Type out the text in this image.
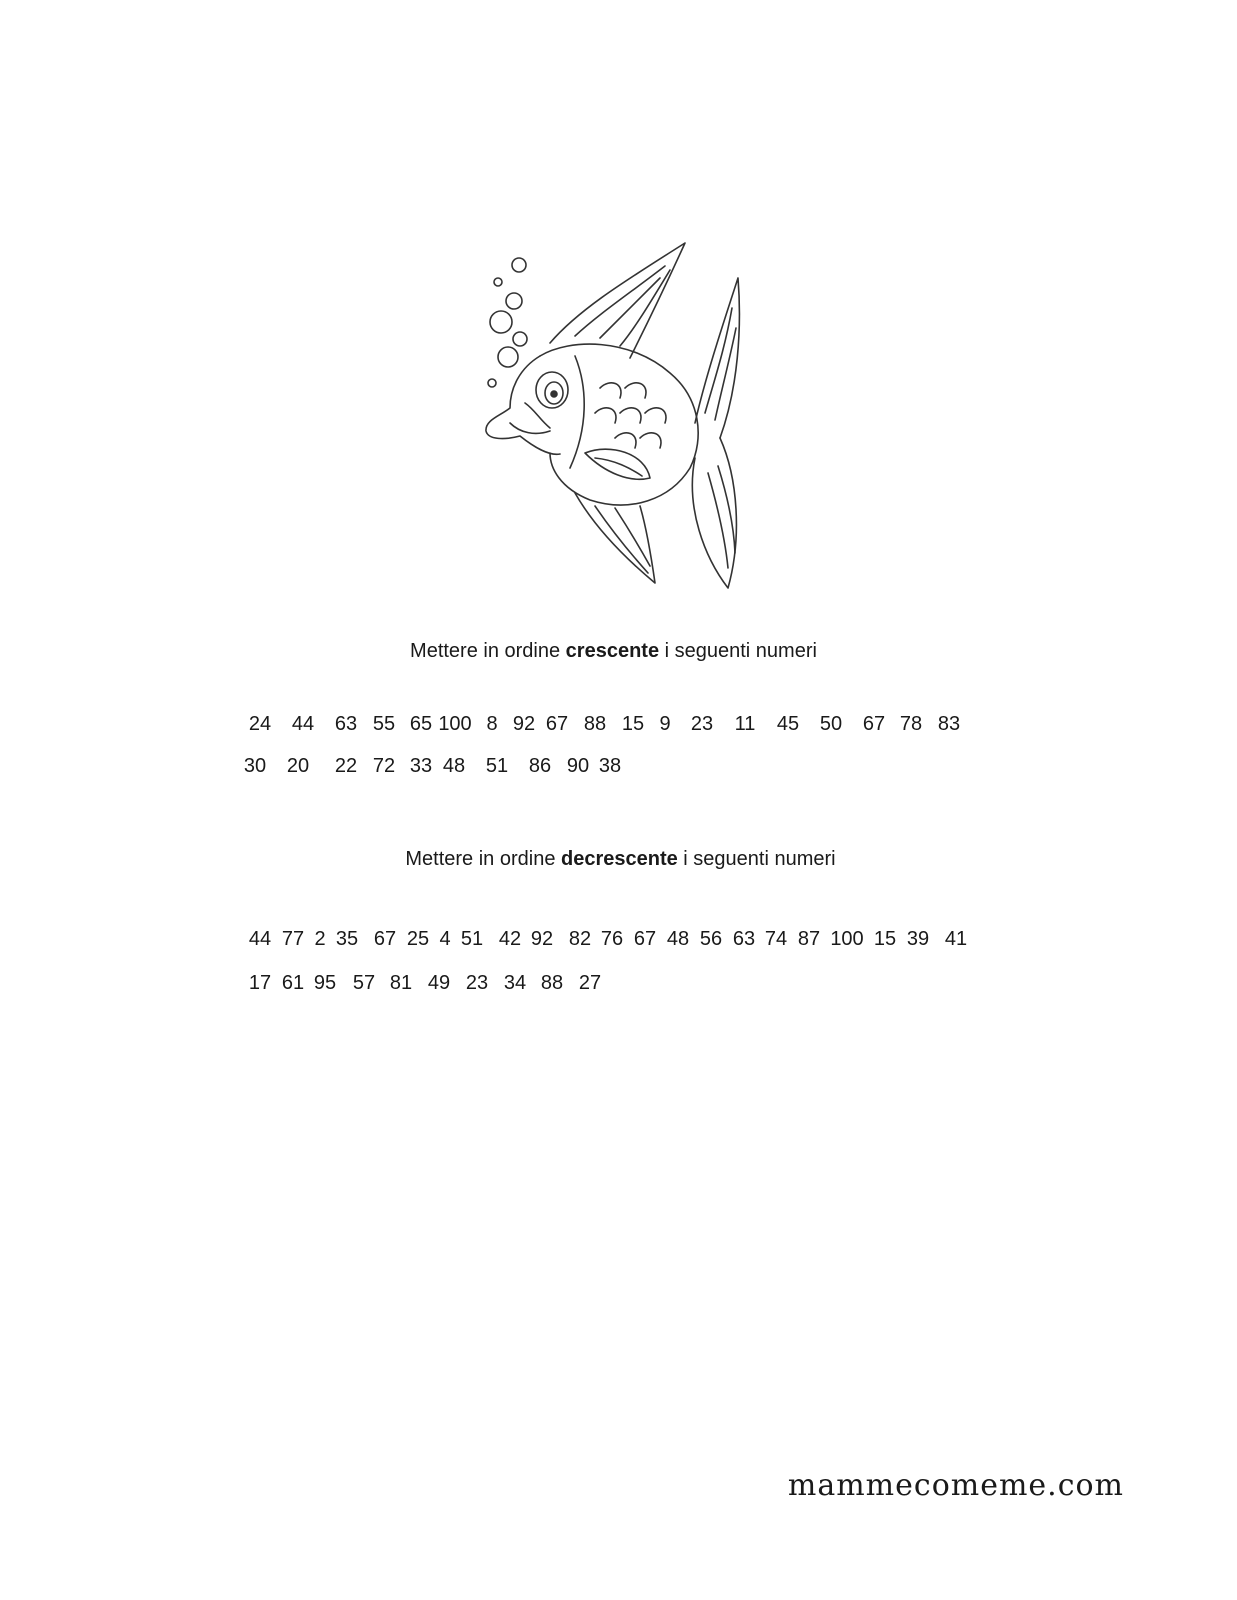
Mettere in ordine crescente i seguenti numeri
24 44 63 55 65 100 8 92 67 88 15 9 23 11 45 50 67 78 83
30 20 22 72 33 48 51 86 90 38
Mettere in ordine decrescente i seguenti numeri
44 77 2 35 67 25 4 51 42 92 82 76 67 48 56 63 74 87 100 15 39 41
17 61 95 57 81 49 23 34 88 27
mammecomeme.com
